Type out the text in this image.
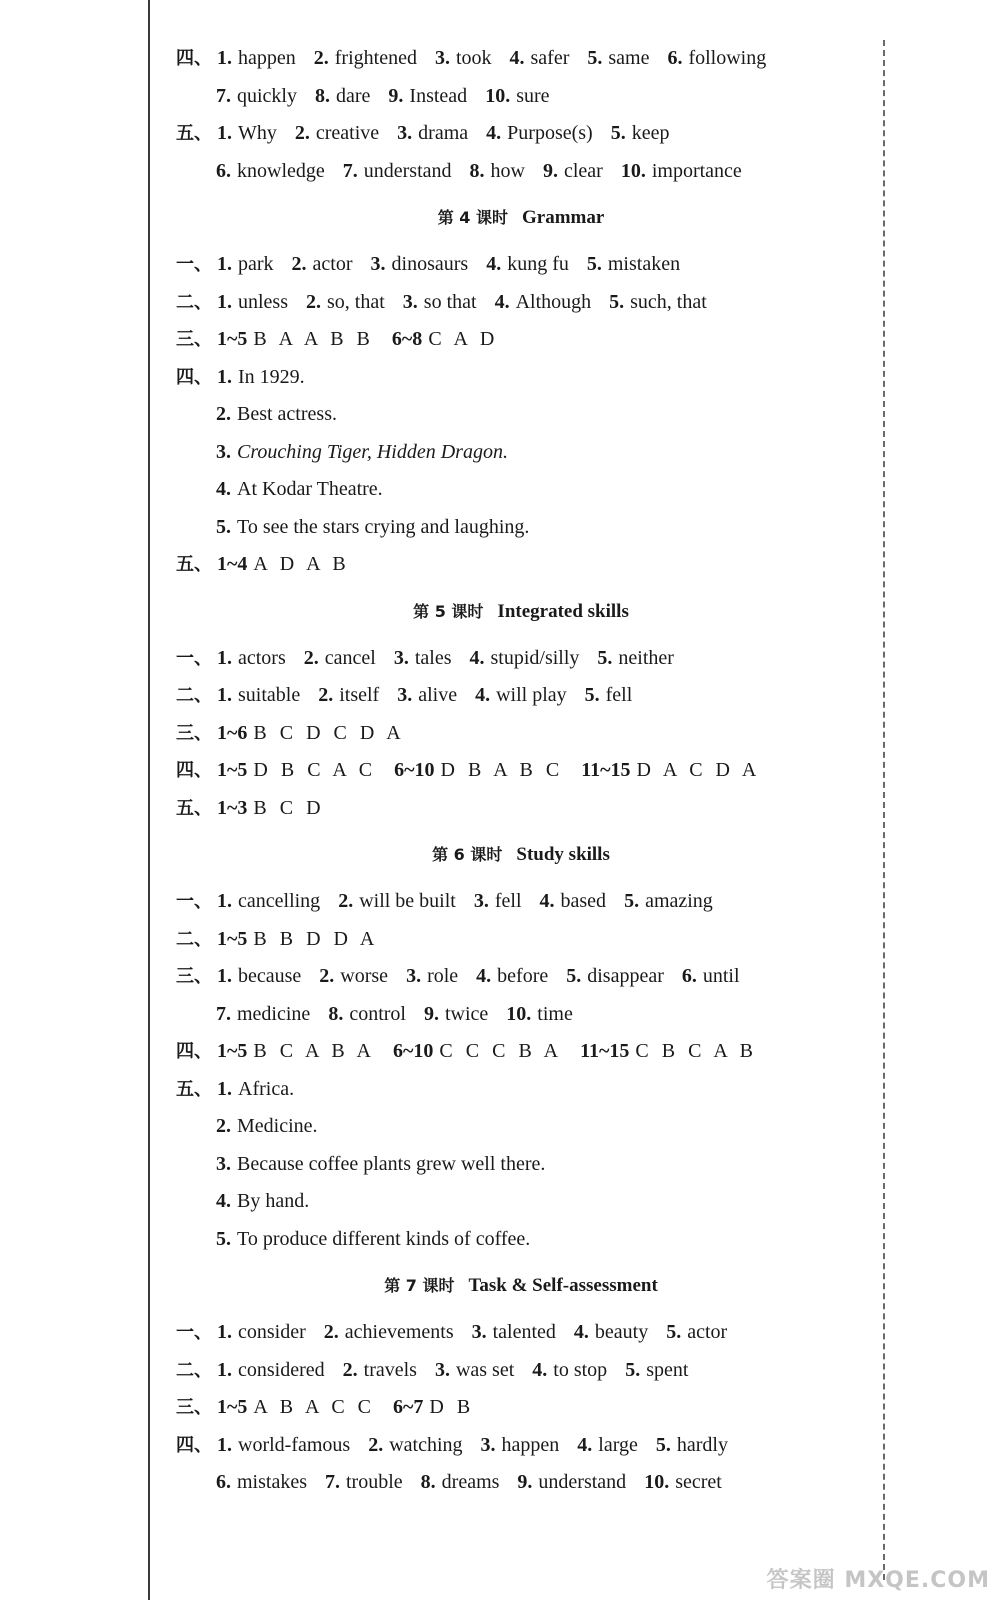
四、 1. happen 2. frightened 3. took 4. safer 5. same 6. following
7. quickly 8. dare 9. Instead 10. sure
五、 1. Why 2. creative 3. drama 4. Purpose(s) 5. keep
6. knowledge 7. understand 8. how 9. clear 10. importance
第 4 课时 Grammar
一、 1. park 2. actor 3. dinosaurs 4. kung fu 5. mistaken
二、 1. unless 2. so, that 3. so that 4. Although 5. such, that
三、 1~5 B A A B B 6~8 C A D
四、 1. In 1929.
2. Best actress.
3. Crouching Tiger, Hidden Dragon.
4. At Kodar Theatre.
5. To see the stars crying and laughing.
五、 1~4 A D A B
第 5 课时 Integrated skills
一、 1. actors 2. cancel 3. tales 4. stupid/silly 5. neither
二、 1. suitable 2. itself 3. alive 4. will play 5. fell
三、 1~6 B C D C D A
四、 1~5 D B C A C 6~10 D B A B C 11~15 D A C D A
五、 1~3 B C D
第 6 课时 Study skills
一、 1. cancelling 2. will be built 3. fell 4. based 5. amazing
二、 1~5 B B D D A
三、 1. because 2. worse 3. role 4. before 5. disappear 6. until
7. medicine 8. control 9. twice 10. time
四、 1~5 B C A B A 6~10 C C C B A 11~15 C B C A B
五、 1. Africa.
2. Medicine.
3. Because coffee plants grew well there.
4. By hand.
5. To produce different kinds of coffee.
第 7 课时 Task & Self-assessment
一、 1. consider 2. achievements 3. talented 4. beauty 5. actor
二、 1. considered 2. travels 3. was set 4. to stop 5. spent
三、 1~5 A B A C C 6~7 D B
四、 1. world-famous 2. watching 3. happen 4. large 5. hardly
6. mistakes 7. trouble 8. dreams 9. understand 10. secret
答案圈 MXQE.COM
